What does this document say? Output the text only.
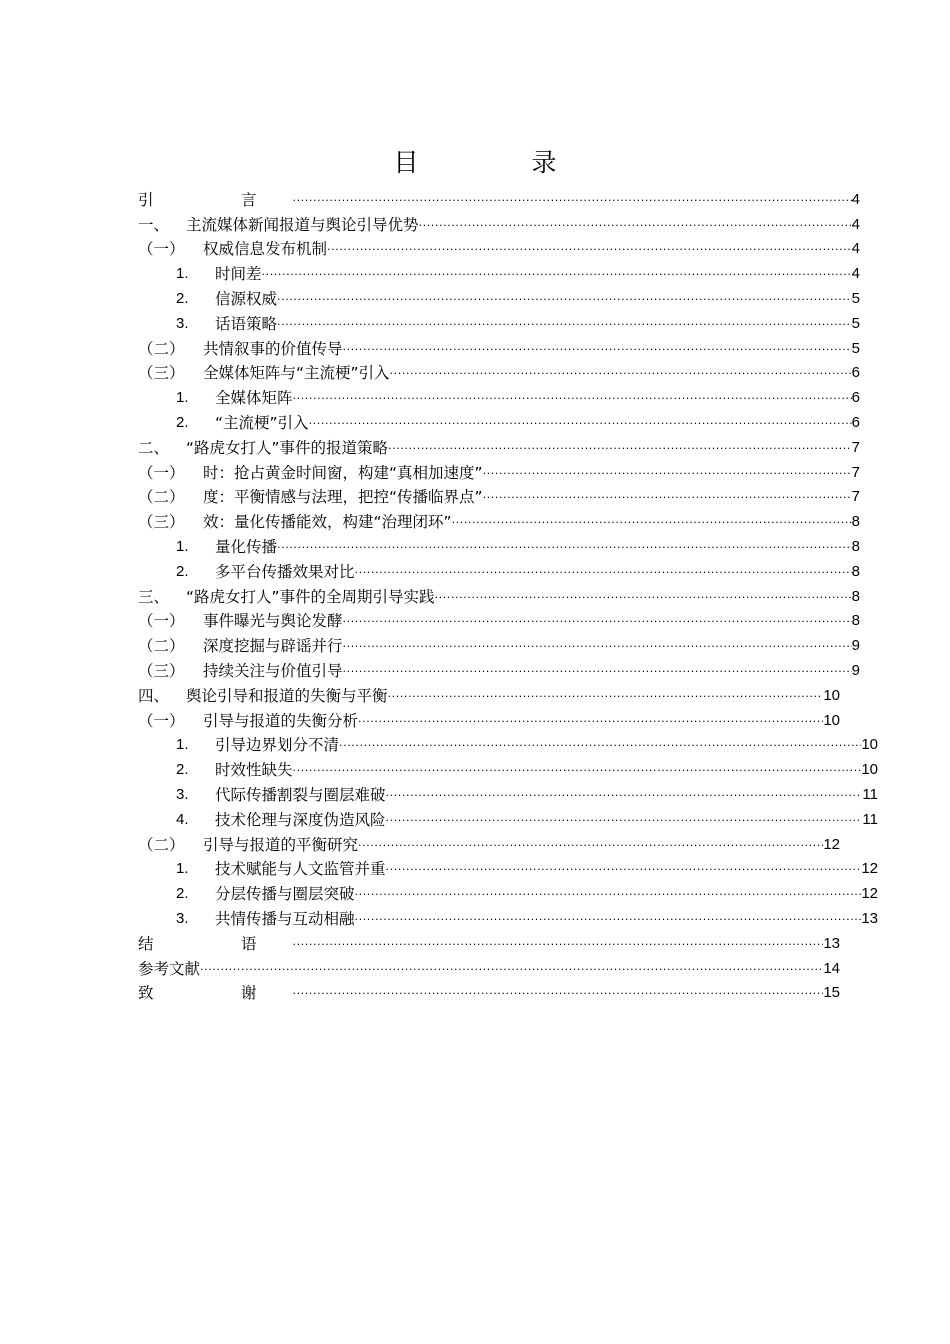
目　录
引　言 .....	4
一、	主流媒体新闻报道与舆论引导优势 .....	4
（一）	权威信息发布机制 .....	4
1.	时间差 .....	4
2.	信源权威 .....	5
3.	话语策略 .....	5
（二）	共情叙事的价值传导 .....	5
（三）	全媒体矩阵与“主流梗”引入 .....	6
1.	全媒体矩阵 .....	6
2.	“主流梗”引入 .....	6
二、	“路虎女打人”事件的报道策略 .....	7
（一）	时：抢占黄金时间窗，构建“真相加速度” .....	7
（二）	度：平衡情感与法理，把控“传播临界点” .....	7
（三）	效：量化传播能效，构建“治理闭环” .....	8
1.	量化传播 .....	8
2.	多平台传播效果对比 .....	8
三、	“路虎女打人”事件的全周期引导实践 .....	8
（一）	事件曝光与舆论发酵 .....	8
（二）	深度挖掘与辟谣并行 .....	9
（三）	持续关注与价值引导 .....	9
四、	舆论引导和报道的失衡与平衡 .....	10
（一）	引导与报道的失衡分析 .....	10
1.	引导边界划分不清 .....	10
2.	时效性缺失 .....	10
3.	代际传播割裂与圈层难破 .....	11
4.	技术伦理与深度伪造风险 .....	11
（二）	引导与报道的平衡研究 .....	12
1.	技术赋能与人文监管并重 .....	12
2.	分层传播与圈层突破 .....	12
3.	共情传播与互动相融 .....	13
结　语 .....	13
参考文献 .....	14
致　谢 .....	15
